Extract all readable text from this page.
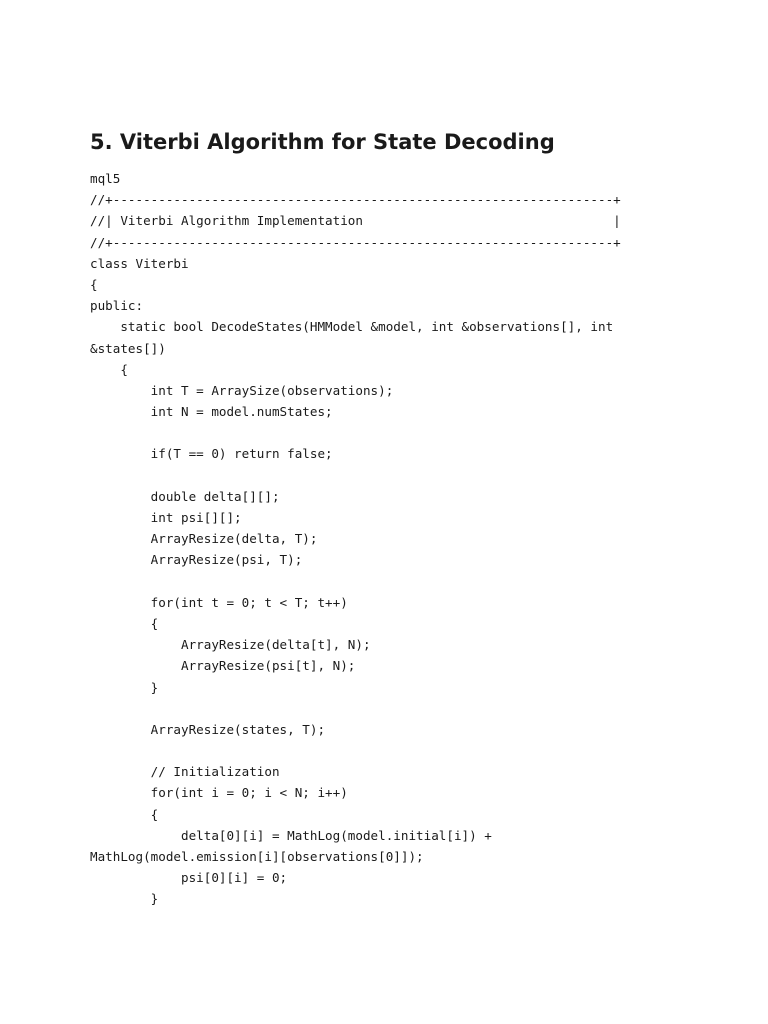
5. Viterbi Algorithm for State Decoding
mql5
//+------------------------------------------------------------------+
//| Viterbi Algorithm Implementation                                 |
//+------------------------------------------------------------------+
class Viterbi
{
public:
static bool DecodeStates(HMModel &model, int &observations[], int
&states[])
{
int T = ArraySize(observations);
int N = model.numStates;
if(T == 0) return false;
double delta[][];
int psi[][];
ArrayResize(delta, T);
ArrayResize(psi, T);
for(int t = 0; t < T; t++)
{
ArrayResize(delta[t], N);
ArrayResize(psi[t], N);
}
ArrayResize(states, T);
// Initialization
for(int i = 0; i < N; i++)
{
delta[0][i] = MathLog(model.initial[i]) +
MathLog(model.emission[i][observations[0]]);
psi[0][i] = 0;
}
